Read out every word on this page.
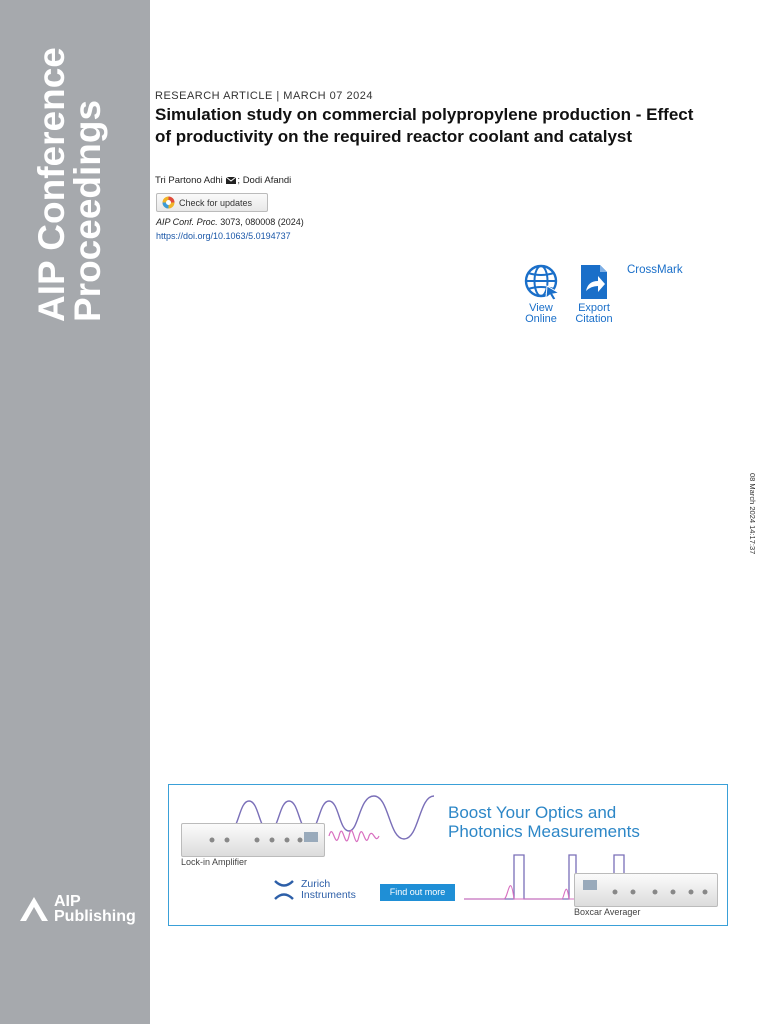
AIP Conference
Proceedings
AIP
Publishing
RESEARCH ARTICLE | MARCH 07 2024
Simulation study on commercial polypropylene production - Effect of productivity on the required reactor coolant and catalyst
Tri Partono Adhi ; Dodi Afandi
Check for updates
AIP Conf. Proc. 3073, 080008 (2024)
https://doi.org/10.1063/5.0194737
View
Online
Export
Citation
CrossMark
08 March 2024 14:17:37
Lock-in Amplifier
Boost Your Optics and
Photonics Measurements
Zurich
Instruments	Find out more
Boxcar Averager
